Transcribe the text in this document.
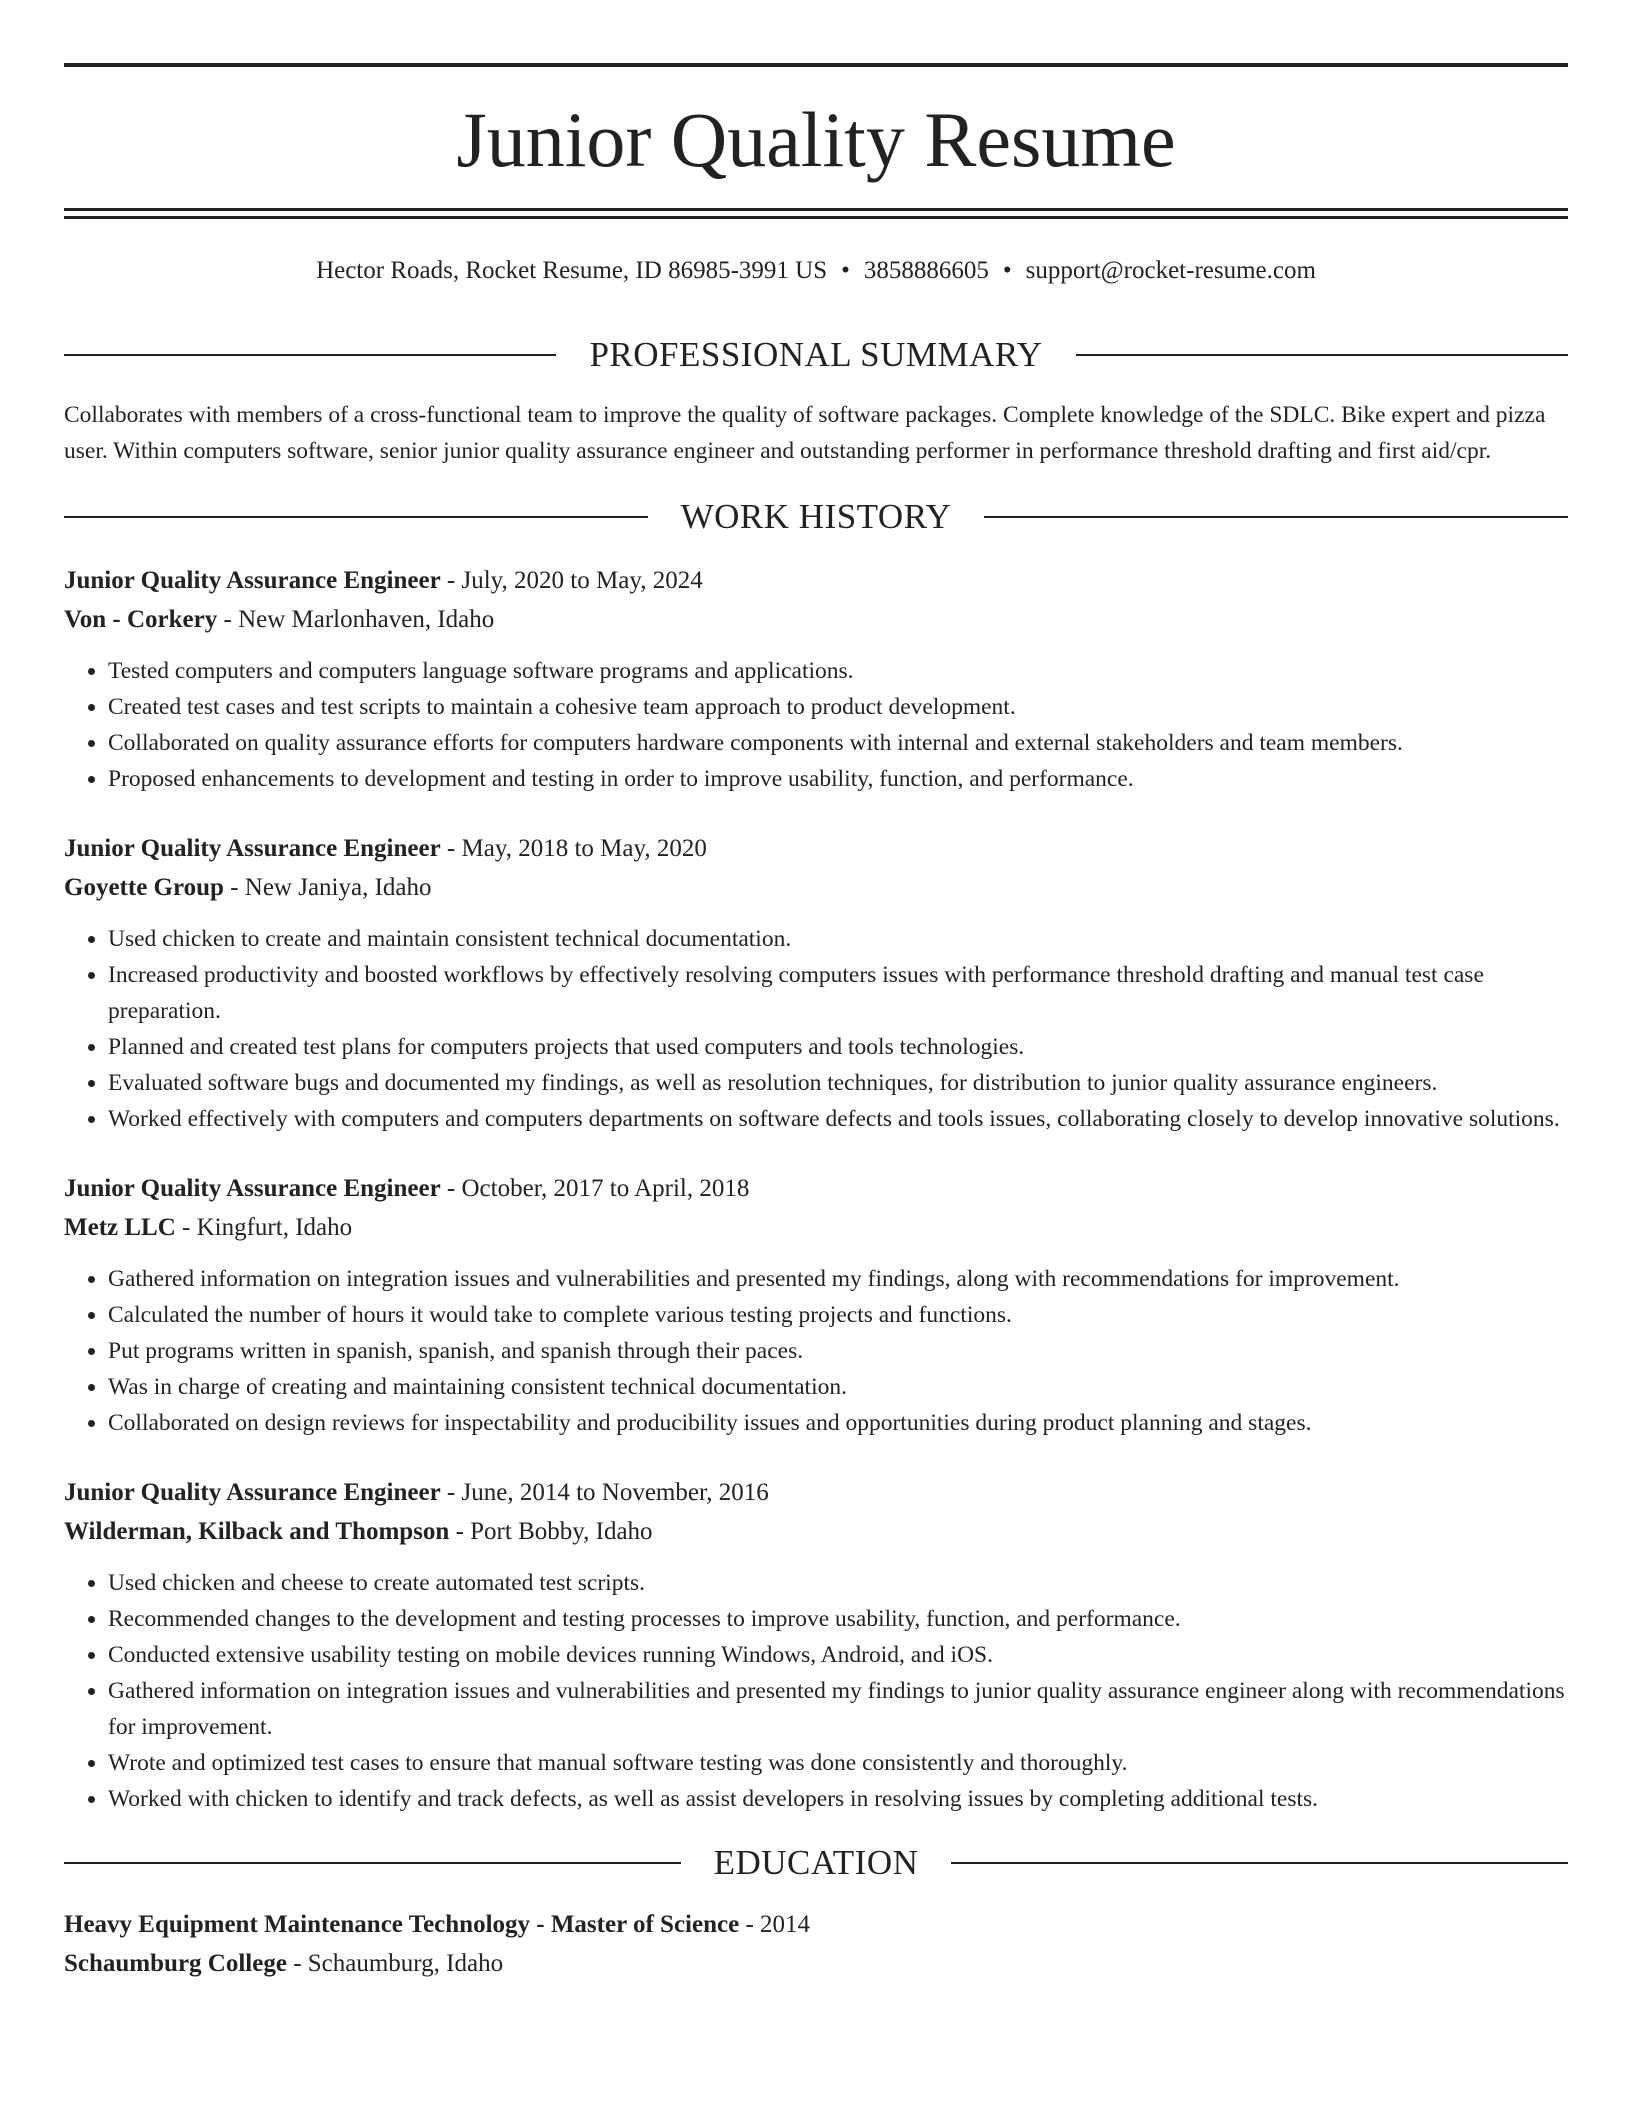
Junior Quality Resume
Hector Roads, Rocket Resume, ID 86985-3991 US • 3858886605 • support@rocket-resume.com
PROFESSIONAL SUMMARY

Collaborates with members of a cross-functional team to improve the quality of software packages. Complete knowledge of the SDLC. Bike expert and pizza user. Within computers software, senior junior quality assurance engineer and outstanding performer in performance threshold drafting and first aid/cpr.

WORK HISTORY
Junior Quality Assurance Engineer - July, 2020 to May, 2024
Von - Corkery - New Marlonhaven, Idaho
• Tested computers and computers language software programs and applications.
• Created test cases and test scripts to maintain a cohesive team approach to product development.
• Collaborated on quality assurance efforts for computers hardware components with internal and external stakeholders and team members.
• Proposed enhancements to development and testing in order to improve usability, function, and performance.
Junior Quality Assurance Engineer - May, 2018 to May, 2020
Goyette Group - New Janiya, Idaho
• Used chicken to create and maintain consistent technical documentation.
• Increased productivity and boosted workflows by effectively resolving computers issues with performance threshold drafting and manual test case preparation.
• Planned and created test plans for computers projects that used computers and tools technologies.
• Evaluated software bugs and documented my findings, as well as resolution techniques, for distribution to junior quality assurance engineers.
• Worked effectively with computers and computers departments on software defects and tools issues, collaborating closely to develop innovative solutions.
Junior Quality Assurance Engineer - October, 2017 to April, 2018
Metz LLC - Kingfurt, Idaho
• Gathered information on integration issues and vulnerabilities and presented my findings, along with recommendations for improvement.
• Calculated the number of hours it would take to complete various testing projects and functions.
• Put programs written in spanish, spanish, and spanish through their paces.
• Was in charge of creating and maintaining consistent technical documentation.
• Collaborated on design reviews for inspectability and producibility issues and opportunities during product planning and stages.
Junior Quality Assurance Engineer - June, 2014 to November, 2016
Wilderman, Kilback and Thompson - Port Bobby, Idaho
• Used chicken and cheese to create automated test scripts.
• Recommended changes to the development and testing processes to improve usability, function, and performance.
• Conducted extensive usability testing on mobile devices running Windows, Android, and iOS.
• Gathered information on integration issues and vulnerabilities and presented my findings to junior quality assurance engineer along with recommendations for improvement.
• Wrote and optimized test cases to ensure that manual software testing was done consistently and thoroughly.
• Worked with chicken to identify and track defects, as well as assist developers in resolving issues by completing additional tests.
EDUCATION
Heavy Equipment Maintenance Technology - Master of Science - 2014
Schaumburg College - Schaumburg, Idaho
